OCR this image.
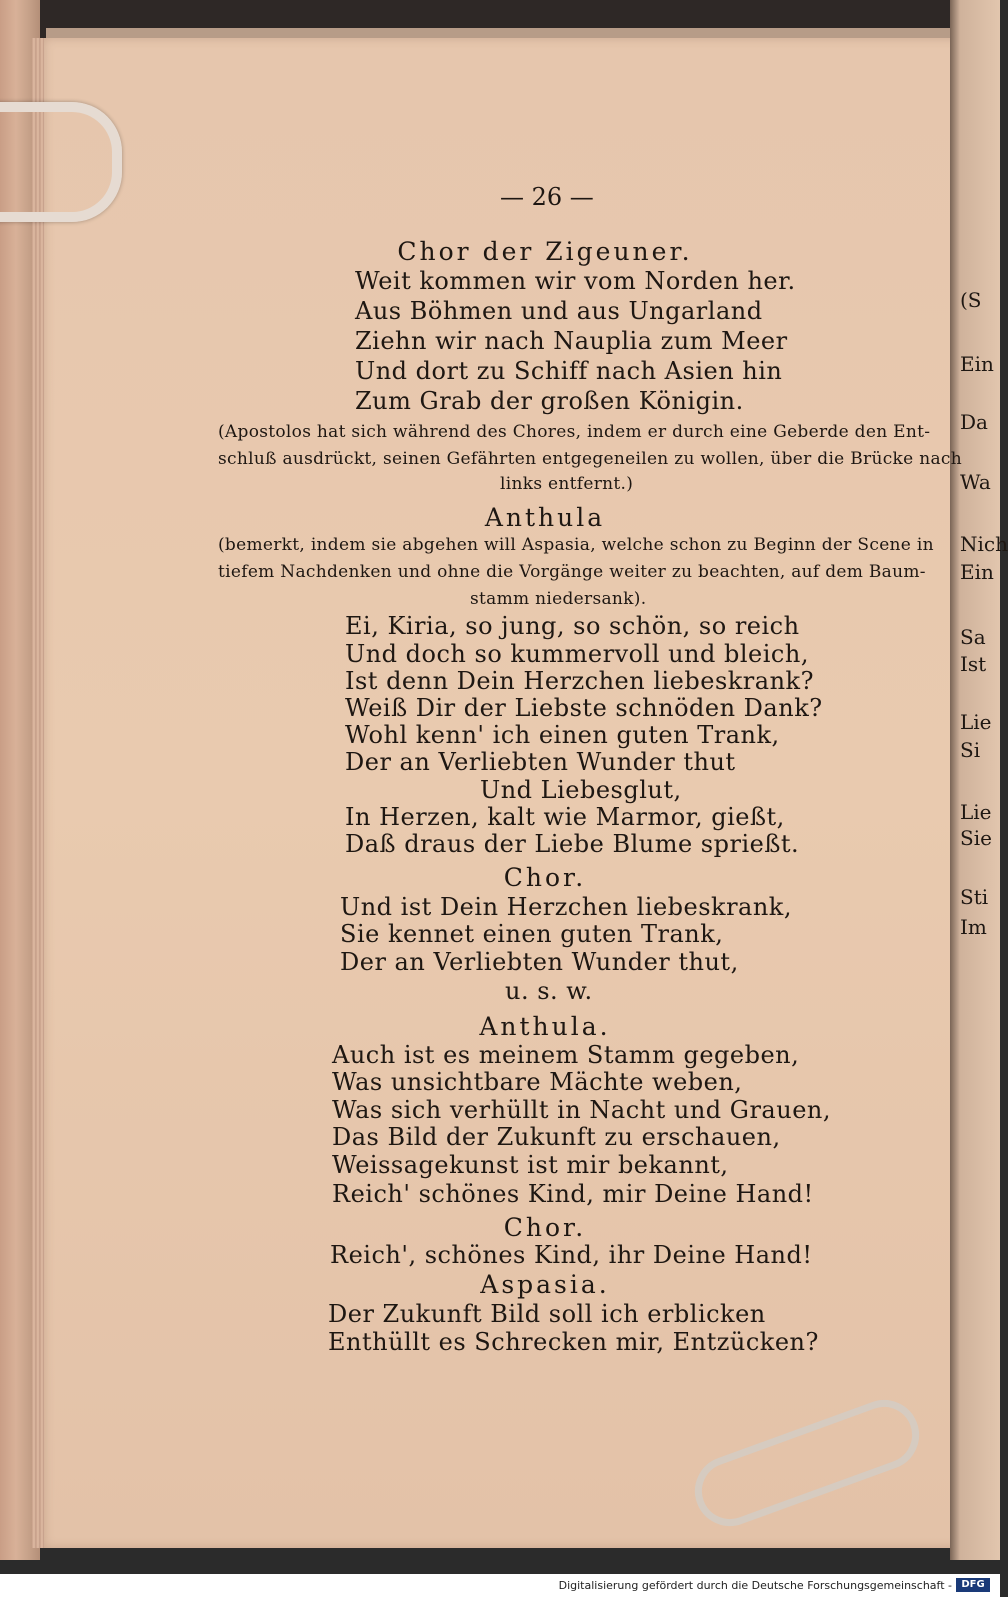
(S
Ein
Da
Wa
Nich
Ein
Sa
Ist
Lie
Si
Lie
Sie
Sti
Im
— 26 —
Chor der Zigeuner.
Weit kommen wir vom Norden her.
Aus Böhmen und aus Ungarland
Ziehn wir nach Nauplia zum Meer
Und dort zu Schiff nach Asien hin
Zum Grab der großen Königin.
(Apostolos hat sich während des Chores, indem er durch eine Geberde den Ent-
schluß ausdrückt, seinen Gefährten entgegeneilen zu wollen, über die Brücke nach
links entfernt.)
Anthula
(bemerkt, indem sie abgehen will Aspasia, welche schon zu Beginn der Scene in
tiefem Nachdenken und ohne die Vorgänge weiter zu beachten, auf dem Baum-
stamm niedersank).
Ei, Kiria, so jung, so schön, so reich
Und doch so kummervoll und bleich,
Ist denn Dein Herzchen liebeskrank?
Weiß Dir der Liebste schnöden Dank?
Wohl kenn' ich einen guten Trank,
Der an Verliebten Wunder thut
Und Liebesglut,
In Herzen, kalt wie Marmor, gießt,
Daß draus der Liebe Blume sprießt.
Chor.
Und ist Dein Herzchen liebeskrank,
Sie kennet einen guten Trank,
Der an Verliebten Wunder thut,
u. s. w.
Anthula.
Auch ist es meinem Stamm gegeben,
Was unsichtbare Mächte weben,
Was sich verhüllt in Nacht und Grauen,
Das Bild der Zukunft zu erschauen,
Weissagekunst ist mir bekannt,
Reich' schönes Kind, mir Deine Hand!
Chor.
Reich', schönes Kind, ihr Deine Hand!
Aspasia.
Der Zukunft Bild soll ich erblicken
Enthüllt es Schrecken mir, Entzücken?
Digitalisierung gefördert durch die Deutsche Forschungsgemeinschaft - DFG
